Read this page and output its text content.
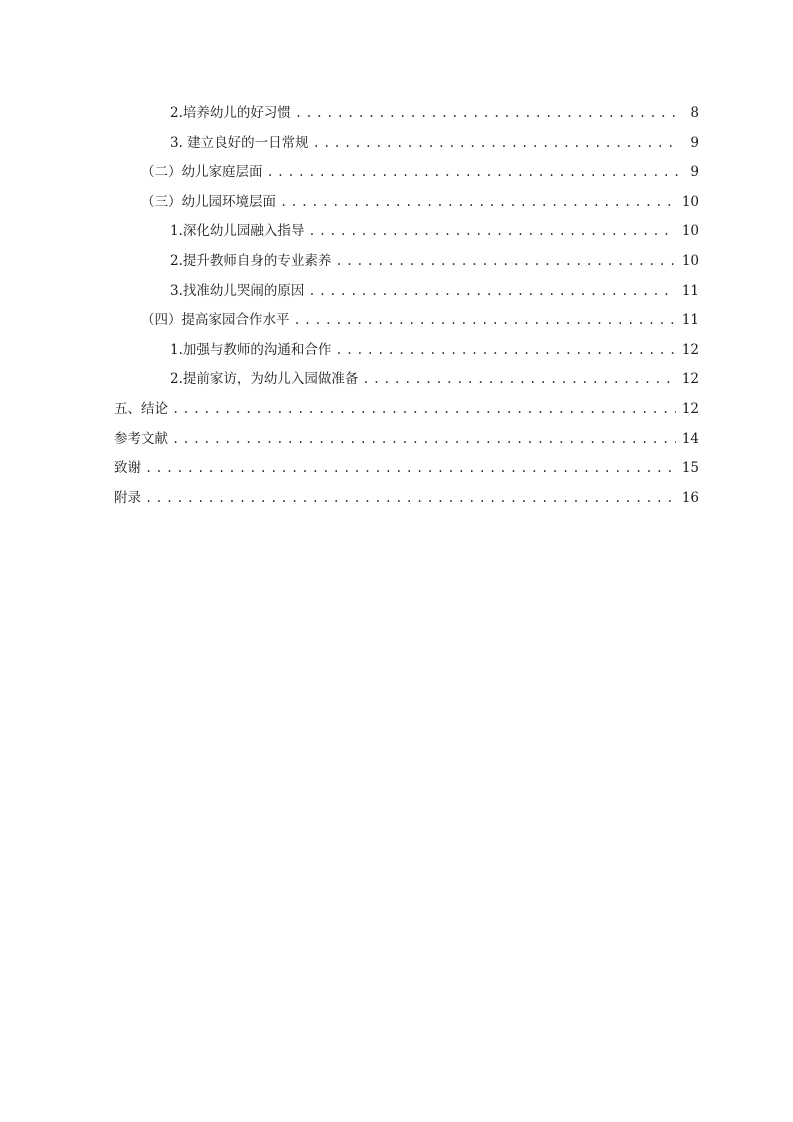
2.培养幼儿的好习惯 .....	8
3. 建立良好的一日常规 .....	9
（二）幼儿家庭层面 .....	9
（三）幼儿园环境层面 .....	10
1.深化幼儿园融入指导 .....	10
2.提升教师自身的专业素养 .....	10
3.找准幼儿哭闹的原因 .....	11
（四）提高家园合作水平 .....	11
1.加强与教师的沟通和合作 .....	12
2.提前家访，为幼儿入园做准备 .....	12
五、结论 .....	12
参考文献 .....	14
致谢 .....	15
附录 .....	16
